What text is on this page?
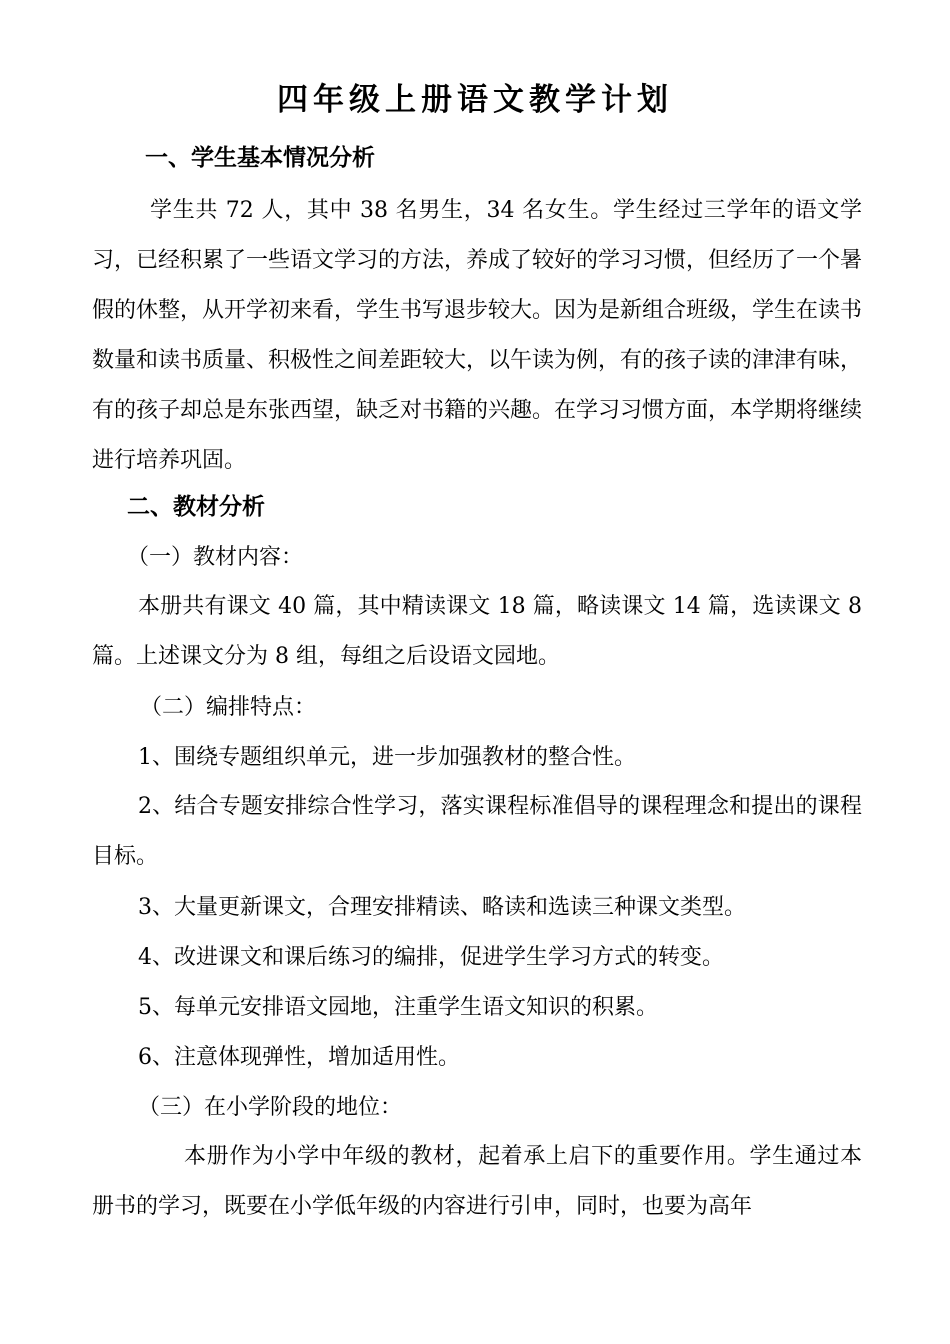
四年级上册语文教学计划
一、学生基本情况分析
学生共 72 人，其中 38 名男生，34 名女生。学生经过三学年的语文学习，已经积累了一些语文学习的方法，养成了较好的学习习惯，但经历了一个暑假的休整，从开学初来看，学生书写退步较大。因为是新组合班级，学生在读书数量和读书质量、积极性之间差距较大，以午读为例，有的孩子读的津津有味，有的孩子却总是东张西望，缺乏对书籍的兴趣。在学习习惯方面，本学期将继续进行培养巩固。
二、教材分析
（一）教材内容：
本册共有课文 40 篇，其中精读课文 18 篇，略读课文 14 篇，选读课文 8 篇。上述课文分为 8 组，每组之后设语文园地。
（二）编排特点：
1、围绕专题组织单元，进一步加强教材的整合性。
2、结合专题安排综合性学习，落实课程标准倡导的课程理念和提出的课程目标。
3、大量更新课文，合理安排精读、略读和选读三种课文类型。
4、改进课文和课后练习的编排，促进学生学习方式的转变。
5、每单元安排语文园地，注重学生语文知识的积累。
6、注意体现弹性，增加适用性。
（三）在小学阶段的地位：
本册作为小学中年级的教材，起着承上启下的重要作用。学生通过本册书的学习，既要在小学低年级的内容进行引申，同时，也要为高年
